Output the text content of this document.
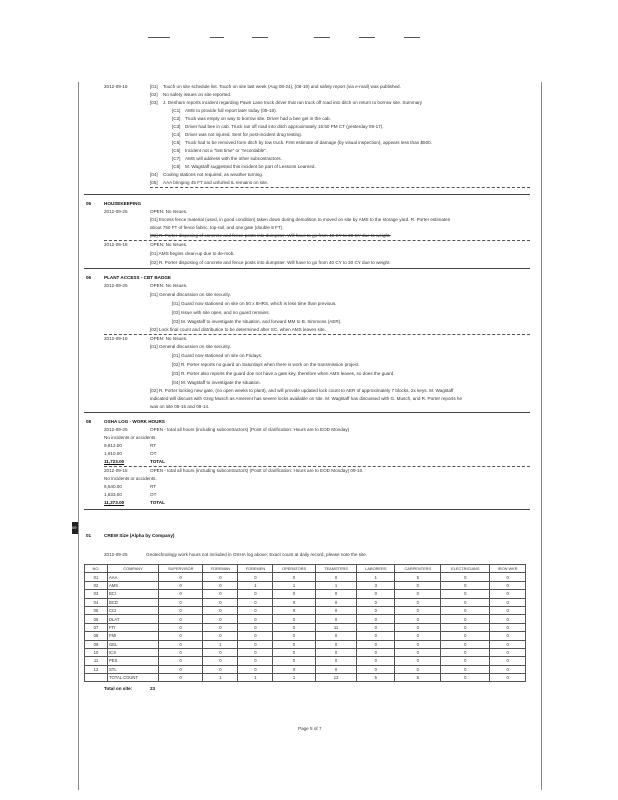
2012-09-18	[01] Touch on site schedule list. Touch on site last week (Aug 08-24), (08-19) and safety report (via e-mail) was published.
[02] No safety issues on site reported.
[03] J. Denham reports incident regarding Pawn Lane truck driver that ran truck off road into ditch on return to borrow site. Summary
[C1] AMS to provide full report later today (09-18).
[C2] Truck was empty on way to borrow site. Driver had a bee get in the cab.
[C3] Driver had bee in cab. Truck ran off road into ditch approximately 15:50 PM CT (yesterday 09-17).
[C4] Driver was not injured. Sent for post-incident drug testing.
[C5] Truck had to be removed form ditch by tow truck. First estimate of damage (by visual inspection), appears less than $500.
[C6] Incident not a "lost time" or "recordable".
[C7] AMS will address with the other subcontractors.
[C8] M. Wagstaff suggested this incident be part of Lessons Learned.
[04] Cooling stations not required, as weather turning.
[05] AAA bringing 45 FT and unfurled IL remains on site.
05	HOUSEKEEPING
2012-09-25	OPEN: No Issues.
[01] Excess fence material (used, in good condition) taken down during demolition to moved on site by AMS to the storage yard. R. Porter estimates
about 750 FT of fence fabric, top-rail, and one gate (double 8 FT).
[02] R. Porter disposing of concrete and fence posts into dumpster. Will have to go from 40 CY to 30 CY due to weight.
2012-09-18	OPEN: No Issues.
[01] AMS begins clean-up due to de-mob.
[02] R. Porter disposing of concrete and fence posts into dumpster. Will have to go from 40 CY to 30 CY due to weight.
06	PLANT ACCESS - CBT BADGE
2012-09-25	OPEN: No Issues.
[01] General discussion on site security.
[01] Guard now stationed on site on 50 x 8HRS, which is less time than previous.
[02] Issue with site open, and no guard remains.
[03] M. Wagstaff to investigate the situation, and forward MM to B. Simmons (AER).
[02] Lock final count and distribution to be determined after SC, when AMS leaves site.
2012-09-18	OPEN: No Issues.
[01] General discussion on site security.
[01] Guard now stationed on site on Fridays.
[02] R. Porter reports no guard on Saturdays when there is work on the transmission project.
[03] R. Porter also reports the guard doe not have a gate key, therefore when AMS leaves, so does the guard.
[04] M. Wagstaff to investigate the situation.
[02] R. Porter locking new gate, (no open weeks to plant), and will provide updated lock count to AER of approximately 7 blocks, 2x keys. M. Wagstaff
indicated will discuss with Greg Musch as AmerenI has severe locks available on site. M. Wagstaff has discussed with G. Musch, and R. Porter reports he
was on site 09-15 and 09-14.
08	OSHA LOG - WORK HOURS
2012-09-25	OPEN - total all hours (including subcontractors) (Point of clarification: Hours are to EOD Monday)
No incidents or accidents.
9,812.00	RT
1,910.00	OT
11,723.00	TOTAL
2012-09-18	OPEN - total all hours (including subcontractors) (Point of clarification: Hours are to EOD Monday) 09-10.
No incidents or accidents.
9,540.00	RT
1,833.00	OT
11,373.00	TOTAL
09
01	CREW Size (Alpha by Company)
2012-09-25	Geotechnology work hours not included in OSHA log above; Exact count at daily record, please note the site.
NO.	COMPANY	SUPERVISOR	FOREMAN	FOREMEN	OPERATORS	TEAMSTERS	LABORERS	CARPENTERS	ELECTRICIANS	IRON WKR
01	AAA	0	0	0	0	0	1	5	0	0
02	AMS	0	0	1	1	1	3	0	0	0
03	BCI	0	0	0	0	0	0	0	0	0
04	BCD	0	0	0	0	0	0	0	0	0
05	CCI	0	0	0	0	0	0	0	0	0
06	DLAT	0	0	0	0	0	0	0	0	0
07	FTI	0	0	0	0	11	0	0	0	0
08	FMI	0	0	0	0	0	0	0	0	0
09	GEL	0	1	0	0	0	0	0	0	0
10	ICS	0	0	0	0	0	0	0	0	0
11	PES	0	0	0	0	0	0	0	0	0
12	STL	0	0	0	0	0	0	0	0	0
	TOTAL COUNT	0	1	1	1	12	5	5	0	0
Total on site:	23
Page 5 of 7
